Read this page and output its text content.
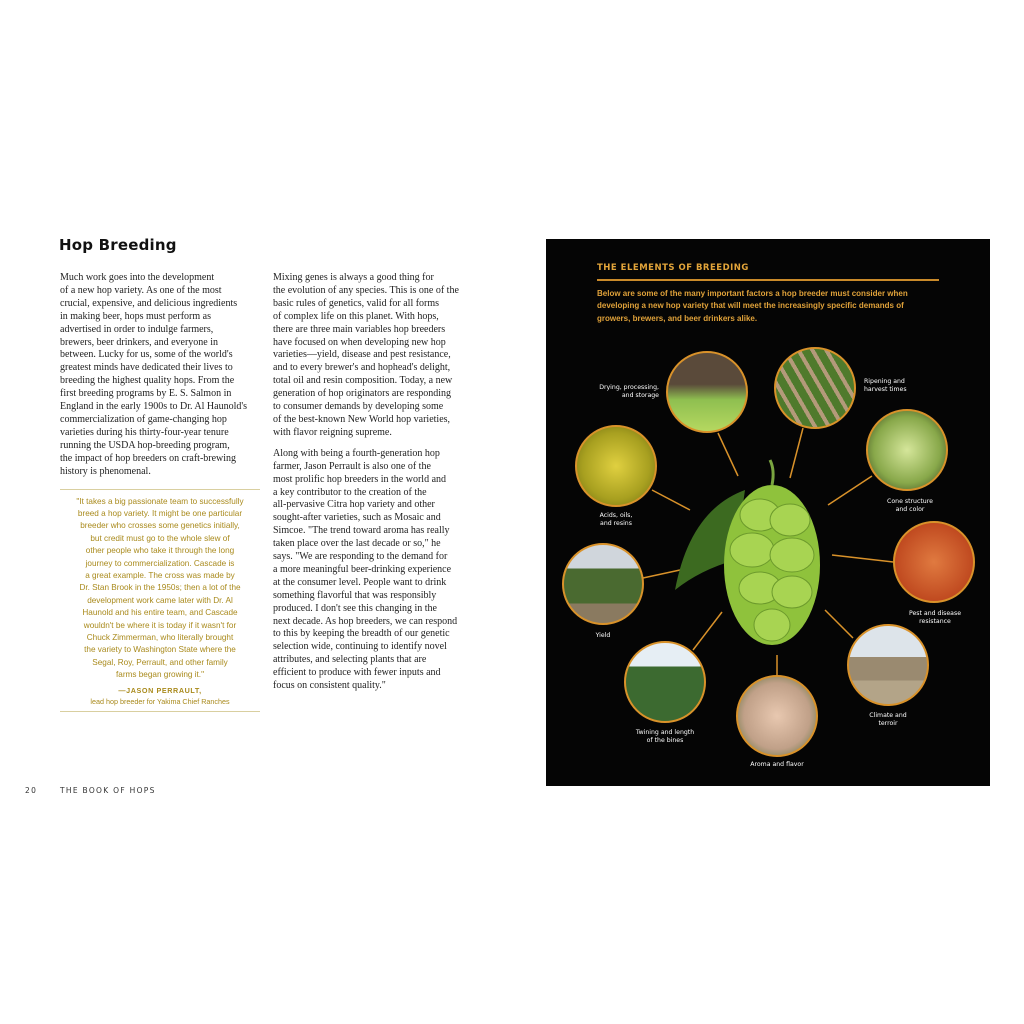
Hop Breeding
Much work goes into the development
of a new hop variety. As one of the most
crucial, expensive, and delicious ingredients
in making beer, hops must perform as
advertised in order to indulge farmers,
brewers, beer drinkers, and everyone in
between. Lucky for us, some of the world's
greatest minds have dedicated their lives to
breeding the highest quality hops. From the
first breeding programs by E. S. Salmon in
England in the early 1900s to Dr. Al Haunold's
commercialization of game-changing hop
varieties during his thirty-four-year tenure
running the USDA hop-breeding program,
the impact of hop breeders on craft-brewing
history is phenomenal.
"It takes a big passionate team to successfully
breed a hop variety. It might be one particular
breeder who crosses some genetics initially,
but credit must go to the whole slew of
other people who take it through the long
journey to commercialization. Cascade is
a great example. The cross was made by
Dr. Stan Brook in the 1950s; then a lot of the
development work came later with Dr. Al
Haunold and his entire team, and Cascade
wouldn't be where it is today if it wasn't for
Chuck Zimmerman, who literally brought
the variety to Washington State where the
Segal, Roy, Perrault, and other family
farms began growing it."
—JASON PERRAULT,
lead hop breeder for Yakima Chief Ranches
Mixing genes is always a good thing for
the evolution of any species. This is one of the
basic rules of genetics, valid for all forms
of complex life on this planet. With hops,
there are three main variables hop breeders
have focused on when developing new hop
varieties—yield, disease and pest resistance,
and to every brewer's and hophead's delight,
total oil and resin composition. Today, a new
generation of hop originators are responding
to consumer demands by developing some
of the best-known New World hop varieties,
with flavor reigning supreme.
Along with being a fourth-generation hop
farmer, Jason Perrault is also one of the
most prolific hop breeders in the world and
a key contributor to the creation of the
all-pervasive Citra hop variety and other
sought-after varieties, such as Mosaic and
Simcoe. "The trend toward aroma has really
taken place over the last decade or so," he
says. "We are responding to the demand for
a more meaningful beer-drinking experience
at the consumer level. People want to drink
something flavorful that was responsibly
produced. I don't see this changing in the
next decade. As hop breeders, we can respond
to this by keeping the breadth of our genetic
selection wide, continuing to identify novel
attributes, and selecting plants that are
efficient to produce with fewer inputs and
focus on consistent quality."
20	THE BOOK OF HOPS
THE ELEMENTS OF BREEDING
Below are some of the many important factors a hop breeder must consider when
developing a new hop variety that will meet the increasingly specific demands of
growers, brewers, and beer drinkers alike.
Drying, processing,
and storage
Ripening and
harvest times
Cone structure
and color
Acids, oils,
and resins
Pest and disease
resistance
Yield
Climate and
terroir
Twining and length
of the bines
Aroma and flavor
